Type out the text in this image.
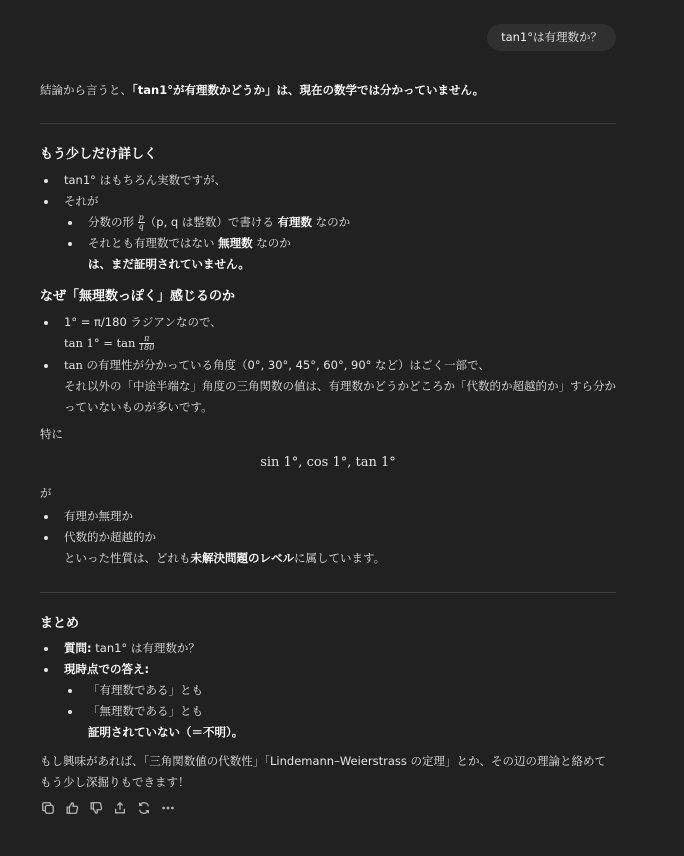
tan1°は有理数か？
結論から言うと、「tan1°が有理数かどうか」は、現在の数学では分かっていません。
もう少しだけ詳しく
tan1° はもちろん実数ですが、
それが
分数の形 $\frac{p}{q} (p$, q は整数）で書ける 有理数 なのか
それとも有理数ではない 無理数 なのか
は、まだ証明されていません。
なぜ「無理数っぽく」感じるのか
1° = π/180 ラジアンなので、
$\tan 1^\circ = \tan \frac{\pi}{180}$
tan の有理性が分かっている角度（0°, 30°, 45°, 60°, 90° など）はごく一部で、
それ以外の「中途半端な」角度の三角関数の値は、有理数かどうかどころか「代数的か超越的か」すら分かっていないものが多いです。
特に
sin 1°, cos 1°, tan 1°
が
有理か無理か
代数的か超越的か
といった性質は、どれも未解決問題のレベルに属しています。
まとめ
質問: tan1° は有理数か？
現時点での答え:
「有理数である」とも
「無理数である」とも
証明されていない（＝不明）。
もし興味があれば、「三角関数値の代数性」「Lindemann–Weierstrass の定理」とか、その辺の理論と絡めてもう少し深掘りもできます！
